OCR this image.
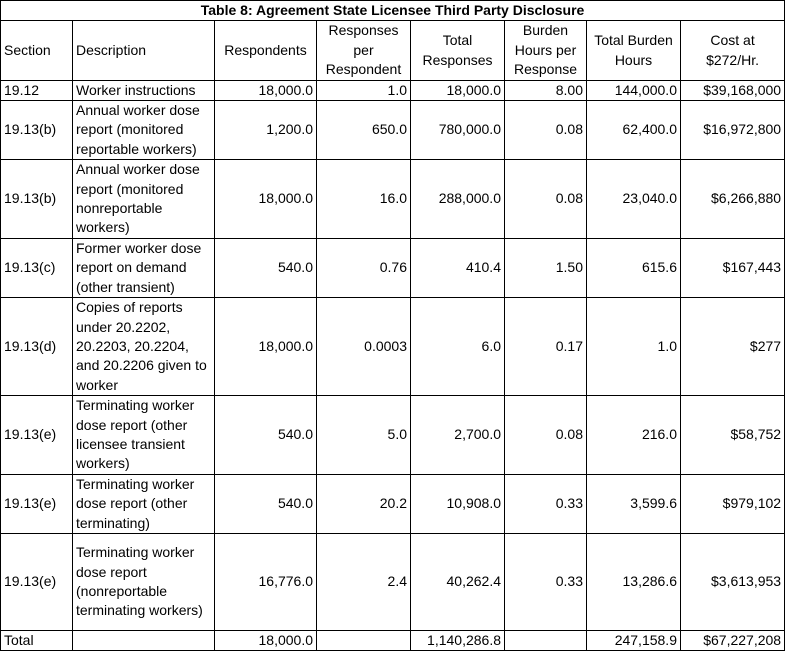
Table 8: Agreement State Licensee Third Party Disclosure							
Section	Description	Respondents	Responses per Respondent	Total Responses	Burden Hours per Response	Total Burden Hours	Cost at $272/Hr.
19.12	Worker instructions	18,000.0	1.0	18,000.0	8.00	144,000.0	$39,168,000
19.13(b)	Annual worker dose report (monitored reportable workers)	1,200.0	650.0	780,000.0	0.08	62,400.0	$16,972,800
19.13(b)	Annual worker dose report (monitored nonreportable workers)	18,000.0	16.0	288,000.0	0.08	23,040.0	$6,266,880
19.13(c)	Former worker dose report on demand (other transient)	540.0	0.76	410.4	1.50	615.6	$167,443
19.13(d)	Copies of reports under 20.2202, 20.2203, 20.2204, and 20.2206 given to worker	18,000.0	0.0003	6.0	0.17	1.0	$277
19.13(e)	Terminating worker dose report (other licensee transient workers)	540.0	5.0	2,700.0	0.08	216.0	$58,752
19.13(e)	Terminating worker dose report (other terminating)	540.0	20.2	10,908.0	0.33	3,599.6	$979,102
19.13(e)	Terminating worker dose report (nonreportable terminating workers)	16,776.0	2.4	40,262.4	0.33	13,286.6	$3,613,953
Total		18,000.0		1,140,286.8		247,158.9	$67,227,208
